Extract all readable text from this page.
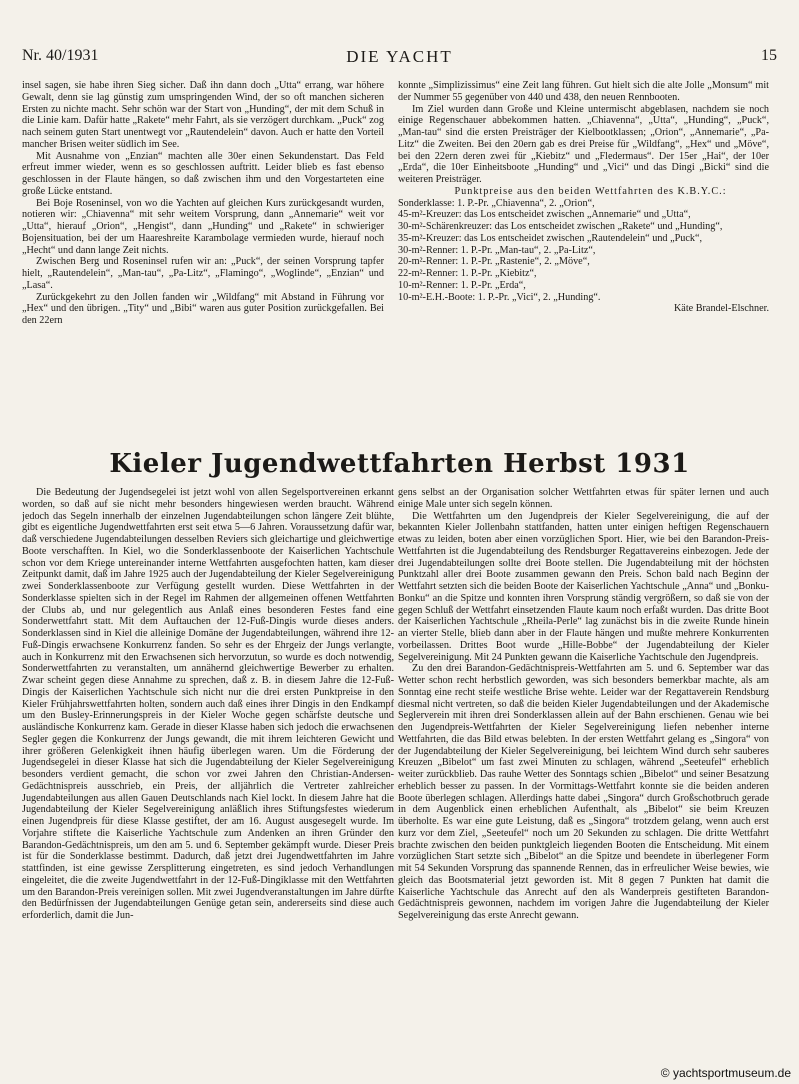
Nr. 40/1931	DIE YACHT	15

insel sagen, sie habe ihren Sieg sicher. Daß ihn dann doch „Utta“ errang, war höhere Gewalt, denn sie lag günstig zum umspringenden Wind, der so oft manchen sicheren Ersten zu nichte macht. Sehr schön war der Start von „Hunding“, der mit dem Schuß in die Linie kam. Dafür hatte „Rakete“ mehr Fahrt, als sie verzögert durchkam. „Puck“ zog nach seinem guten Start unentwegt vor „Rautendelein“ davon. Auch er hatte den Vorteil mancher Brisen weiter südlich im See.

Mit Ausnahme von „Enzian“ machten alle 30er einen Sekundenstart. Das Feld erfreut immer wieder, wenn es so geschlossen auftritt. Leider blieb es fast ebenso geschlossen in der Flaute hängen, so daß zwischen ihm und den Vorgestarteten eine große Lücke entstand.

Bei Boje Roseninsel, von wo die Yachten auf gleichen Kurs zurückgesandt wurden, notieren wir: „Chiavenna“ mit sehr weitem Vorsprung, dann „Annemarie“ weit vor „Utta“, hierauf „Orion“, „Hengist“, dann „Hunding“ und „Rakete“ in schwieriger Bojensituation, bei der um Haareshreite Karambolage vermieden wurde, hierauf noch „Hecht“ und dann lange Zeit nichts.

Zwischen Berg und Roseninsel rufen wir an: „Puck“, der seinen Vorsprung tapfer hielt, „Rautendelein“, „Man-tau“, „Pa-Litz“, „Flamingo“, „Woglinde“, „Enzian“ und „Lasa“.

Zurückgekehrt zu den Jollen fanden wir „Wildfang“ mit Abstand in Führung vor „Hex“ und den übrigen. „Tity“ und „Bibi“ waren aus guter Position zurückgefallen. Bei den 22ern

konnte „Simplizissimus“ eine Zeit lang führen. Gut hielt sich die alte Jolle „Monsum“ mit der Nummer 55 gegenüber von 440 und 438, den neuen Rennbooten.

Im Ziel wurden dann Große und Kleine untermischt abgeblasen, nachdem sie noch einige Regenschauer abbekommen hatten. „Chiavenna“, „Utta“, „Hunding“, „Puck“, „Man-tau“ sind die ersten Preisträger der Kielbootklassen; „Orion“, „Annemarie“, „Pa-Litz“ die Zweiten. Bei den 20ern gab es drei Preise für „Wildfang“, „Hex“ und „Möve“, bei den 22ern deren zwei für „Kiebitz“ und „Fledermaus“. Der 15er „Hai“, der 10er „Erda“, die 10er Einheitsboote „Hunding“ und „Vici“ und das Dingi „Bicki“ sind die weiteren Preisträger.

Punktpreise aus den beiden Wettfahrten des K.B.Y.C.:

Sonderklasse: 1. P.-Pr. „Chiavenna“, 2. „Orion“,

45-m²-Kreuzer: das Los entscheidet zwischen „Annemarie“ und „Utta“,

30-m²-Schärenkreuzer: das Los entscheidet zwischen „Rakete“ und „Hunding“,

35-m²-Kreuzer: das Los entscheidet zwischen „Rautendelein“ und „Puck“,

30-m²-Renner: 1. P.-Pr. „Man-tau“, 2. „Pa-Litz“,

20-m²-Renner: 1. P.-Pr. „Rastenie“, 2. „Möve“,

22-m²-Renner: 1. P.-Pr. „Kiebitz“,

10-m²-Renner: 1. P.-Pr. „Erda“,

10-m²-E.H.-Boote: 1. P.-Pr. „Vici“, 2. „Hunding“.

Käte Brandel-Elschner.

Kieler Jugendwettfahrten Herbst 1931

Die Bedeutung der Jugendsegelei ist jetzt wohl von allen Segelsportvereinen erkannt worden, so daß auf sie nicht mehr besonders hingewiesen werden braucht. Während jedoch das Segeln innerhalb der einzelnen Jugendabteilungen schon längere Zeit blühte, gibt es eigentliche Jugendwettfahrten erst seit etwa 5—6 Jahren. Voraussetzung dafür war, daß verschiedene Jugendabteilungen desselben Reviers sich gleichartige und gleichwertige Boote verschafften. In Kiel, wo die Sonderklassenboote der Kaiserlichen Yachtschule schon vor dem Kriege untereinander interne Wettfahrten ausgefochten hatten, kam dieser Zeitpunkt damit, daß im Jahre 1925 auch der Jugendabteilung der Kieler Segelvereinigung zwei Sonderklassenboote zur Verfügung gestellt wurden. Diese Wettfahrten in der Sonderklasse spielten sich in der Regel im Rahmen der allgemeinen offenen Wettfahrten der Clubs ab, und nur gelegentlich aus Anlaß eines besonderen Festes fand eine Sonderwettfahrt statt. Mit dem Auftauchen der 12-Fuß-Dingis wurde dieses anders. Sonderklassen sind in Kiel die alleinige Domäne der Jugendabteilungen, während ihre 12-Fuß-Dingis erwachsene Konkurrenz fanden. So sehr es der Ehrgeiz der Jungs verlangte, auch in Konkurrenz mit den Erwachsenen sich hervorzutun, so wurde es doch notwendig, Sonderwettfahrten zu veranstalten, um annähernd gleichwertige Bewerber zu erhalten. Zwar scheint gegen diese Annahme zu sprechen, daß z. B. in diesem Jahre die 12-Fuß-Dingis der Kaiserlichen Yachtschule sich nicht nur die drei ersten Punktpreise in den Kieler Frühjahrswettfahrten holten, sondern auch daß eines ihrer Dingis in den Endkampf um den Busley-Erinnerungspreis in der Kieler Woche gegen schärfste deutsche und ausländische Konkurrenz kam. Gerade in dieser Klasse haben sich jedoch die erwachsenen Segler gegen die Konkurrenz der Jungs gewandt, die mit ihrem leichteren Gewicht und ihrer größeren Gelenkigkeit ihnen häufig überlegen waren. Um die Förderung der Jugendsegelei in dieser Klasse hat sich die Jugendabteilung der Kieler Segelvereinigung besonders verdient gemacht, die schon vor zwei Jahren den Christian-Andersen-Gedächtnispreis ausschrieb, ein Preis, der alljährlich die Vertreter zahlreicher Jugendabteilungen aus allen Gauen Deutschlands nach Kiel lockt. In diesem Jahre hat die Jugendabteilung der Kieler Segelvereinigung anläßlich ihres Stiftungsfestes wiederum einen Jugendpreis für diese Klasse gestiftet, der am 16. August ausgesegelt wurde. Im Vorjahre stiftete die Kaiserliche Yachtschule zum Andenken an ihren Gründer den Barandon-Gedächtnispreis, um den am 5. und 6. September gekämpft wurde. Dieser Preis ist für die Sonderklasse bestimmt. Dadurch, daß jetzt drei Jugendwettfahrten im Jahre stattfinden, ist eine gewisse Zersplitterung eingetreten, es sind jedoch Verhandlungen eingeleitet, die die zweite Jugendwettfahrt in der 12-Fuß-Dingiklasse mit den Wettfahrten um den Barandon-Preis vereinigen sollen. Mit zwei Jugendveranstaltungen im Jahre dürfte den Bedürfnissen der Jugendabteilungen Genüge getan sein, andererseits sind diese auch erforderlich, damit die Jun-

gens selbst an der Organisation solcher Wettfahrten etwas für später lernen und auch einige Male unter sich segeln können.

Die Wettfahrten um den Jugendpreis der Kieler Segelvereinigung, die auf der bekannten Kieler Jollenbahn stattfanden, hatten unter einigen heftigen Regenschauern etwas zu leiden, boten aber einen vorzüglichen Sport. Hier, wie bei den Barandon-Preis-Wettfahrten ist die Jugendabteilung des Rendsburger Regattavereins einbezogen. Jede der drei Jugendabteilungen sollte drei Boote stellen. Die Jugendabteilung mit der höchsten Punktzahl aller drei Boote zusammen gewann den Preis. Schon bald nach Beginn der Wettfahrt setzten sich die beiden Boote der Kaiserlichen Yachtschule „Anna“ und „Bonku-Bonku“ an die Spitze und konnten ihren Vorsprung ständig vergrößern, so daß sie von der gegen Schluß der Wettfahrt einsetzenden Flaute kaum noch erfaßt wurden. Das dritte Boot der Kaiserlichen Yachtschule „Rheila-Perle“ lag zunächst bis in die zweite Runde hinein an vierter Stelle, blieb dann aber in der Flaute hängen und mußte mehrere Konkurrenten vorbeilassen. Drittes Boot wurde „Hille-Bobbe“ der Jugendabteilung der Kieler Segelvereinigung. Mit 24 Punkten gewann die Kaiserliche Yachtschule den Jugendpreis.

Zu den drei Barandon-Gedächtnispreis-Wettfahrten am 5. und 6. September war das Wetter schon recht herbstlich geworden, was sich besonders bemerkbar machte, als am Sonntag eine recht steife westliche Brise wehte. Leider war der Regattaverein Rendsburg diesmal nicht vertreten, so daß die beiden Kieler Jugendabteilungen und der Akademische Seglerverein mit ihren drei Sonderklassen allein auf der Bahn erschienen. Genau wie bei den Jugendpreis-Wettfahrten der Kieler Segelvereinigung liefen nebenher interne Wettfahrten, die das Bild etwas belebten. In der ersten Wettfahrt gelang es „Singora“ von der Jugendabteilung der Kieler Segelvereinigung, bei leichtem Wind durch sehr sauberes Kreuzen „Bibelot“ um fast zwei Minuten zu schlagen, während „Seeteufel“ erheblich weiter zurückblieb. Das rauhe Wetter des Sonntags schien „Bibelot“ und seiner Besatzung erheblich besser zu passen. In der Vormittags-Wettfahrt konnte sie die beiden anderen Boote überlegen schlagen. Allerdings hatte dabei „Singora“ durch Großschotbruch gerade in dem Augenblick einen erheblichen Aufenthalt, als „Bibelot“ sie beim Kreuzen überholte. Es war eine gute Leistung, daß es „Singora“ trotzdem gelang, wenn auch erst kurz vor dem Ziel, „Seeteufel“ noch um 20 Sekunden zu schlagen. Die dritte Wettfahrt brachte zwischen den beiden punktgleich liegenden Booten die Entscheidung. Mit einem vorzüglichen Start setzte sich „Bibelot“ an die Spitze und beendete in überlegener Form mit 54 Sekunden Vorsprung das spannende Rennen, das in erfreulicher Weise bewies, wie gleich das Bootsmaterial jetzt geworden ist. Mit 8 gegen 7 Punkten hat damit die Kaiserliche Yachtschule das Anrecht auf den als Wanderpreis gestifteten Barandon-Gedächtnispreis gewonnen, nachdem im vorigen Jahre die Jugendabteilung der Kieler Segelvereinigung das erste Anrecht gewann.

© yachtsportmuseum.de
